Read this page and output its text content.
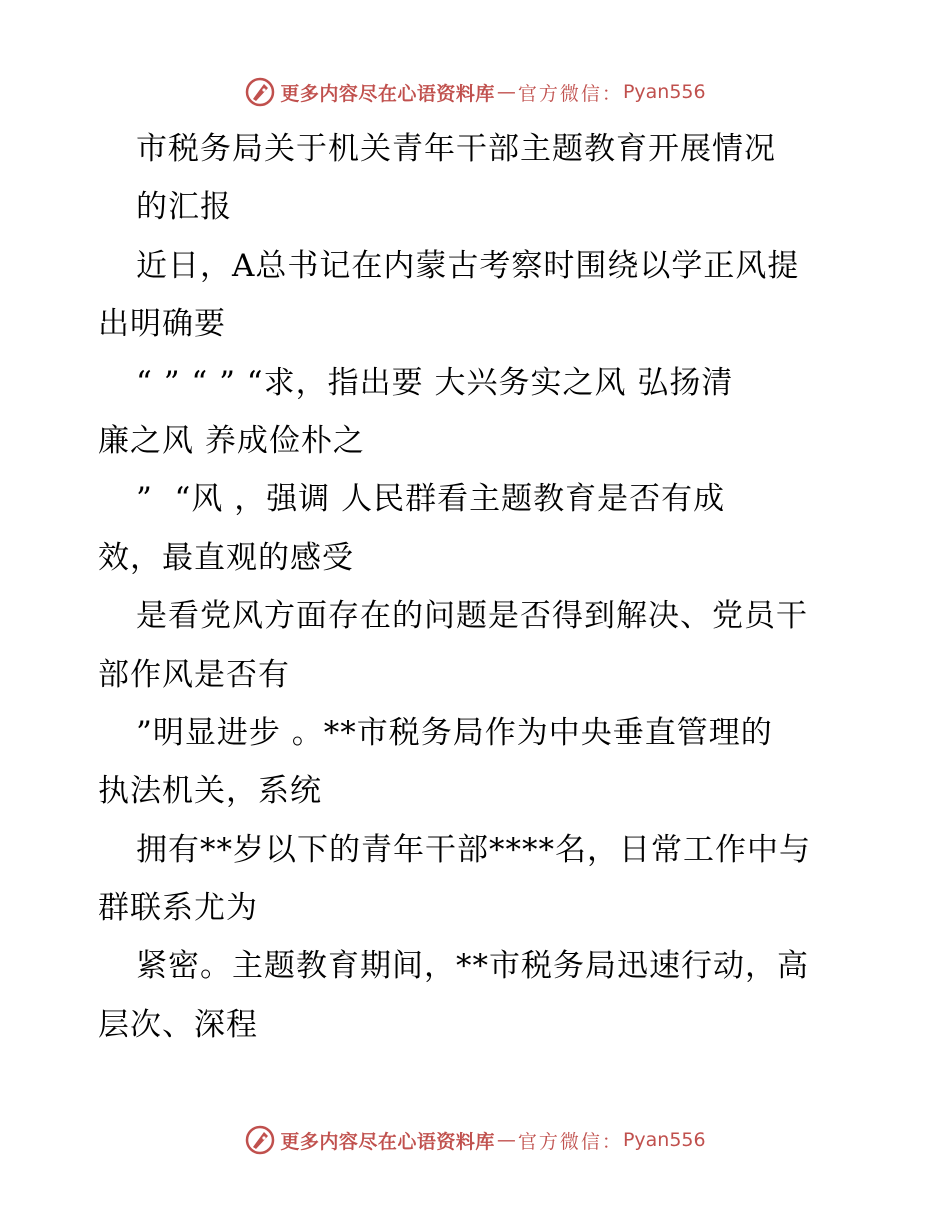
更多内容尽在心语资料库 — 官方微信： Pyan556
市税务局关于机关青年干部主题教育开展情况
的汇报
近日，A总书记在内蒙古考察时围绕以学正风提
出明确要
“ ” “ ” “求，指出要 大兴务实之风 弘扬清
廉之风 养成俭朴之
”  “风 ，强调 人民群看主题教育是否有成
效，最直观的感受
是看党风方面存在的问题是否得到解决、党员干
部作风是否有
”明显进步 。**市税务局作为中央垂直管理的
执法机关，系统
拥有**岁以下的青年干部****名，日常工作中与
群联系尤为
紧密。主题教育期间，**市税务局迅速行动，高
层次、深程
更多内容尽在心语资料库 — 官方微信： Pyan556
